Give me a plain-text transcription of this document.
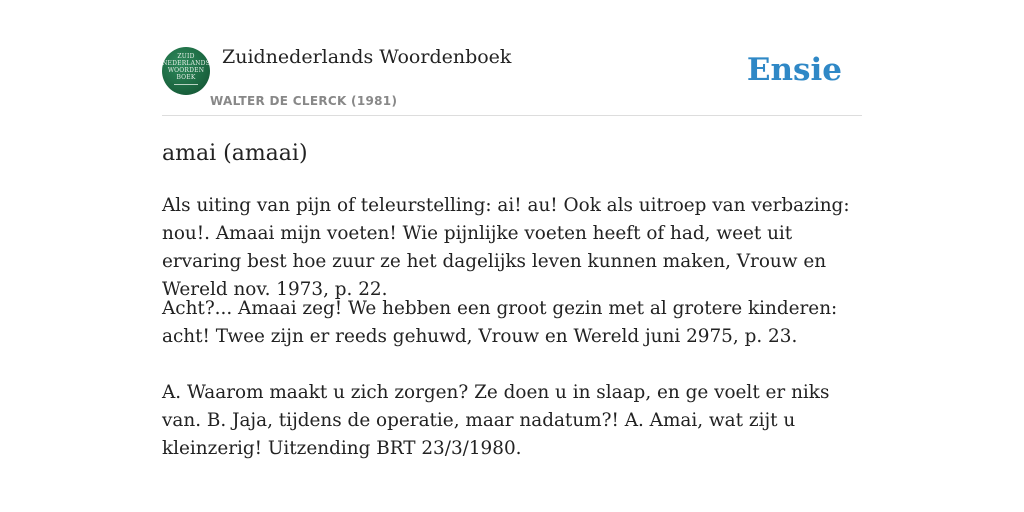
ZUID
NEDERLANDS
WOORDEN
BOEK
Zuidnederlands Woordenboek
WALTER DE CLERCK (1981)
Ensie
amai (amaai)

Als uiting van pijn of teleurstelling: ai! au! Ook als uitroep van verbazing: nou!. Amaai mijn voeten! Wie pijnlijke voeten heeft of had, weet uit ervaring best hoe zuur ze het dagelijks leven kunnen maken, Vrouw en Wereld nov. 1973, p. 22.

Acht?... Amaai zeg! We hebben een groot gezin met al grotere kinderen: acht! Twee zijn er reeds gehuwd, Vrouw en Wereld juni 2975, p. 23.

A. Waarom maakt u zich zorgen? Ze doen u in slaap, en ge voelt er niks van. B. Jaja, tijdens de operatie, maar nadatum?! A. Amai, wat zijt u kleinzerig! Uitzending BRT 23/3/1980.
